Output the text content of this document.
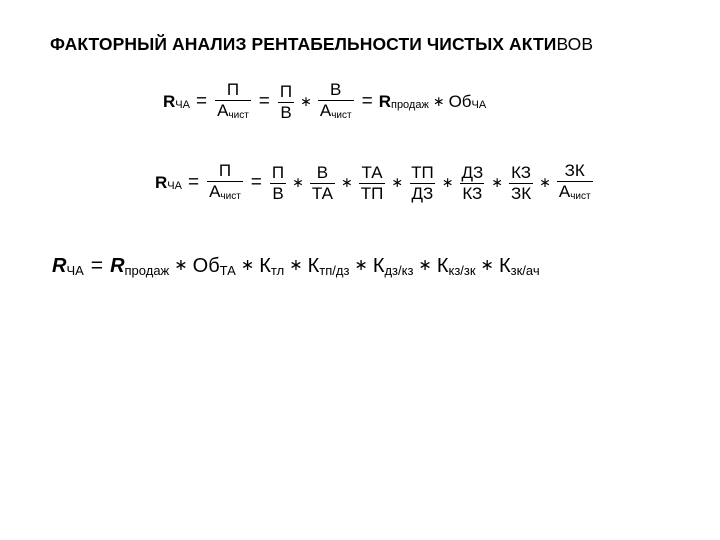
ФАКТОРНЫЙ АНАЛИЗ РЕНТАБЕЛЬНОСТИ ЧИСТЫХ АКТИВОВ
R ЧА = $\frac{П}{\text{Ачист}} = \frac{П}{В}$ ∗ $\frac{В}{\text{Ачист}} = R$ продаж ∗ Об ЧА
R ЧА = $\frac{П}{\text{Ачист}} = \frac{П}{В}$ ∗ $\frac{В}{ТА}$ ∗ $\frac{ТА}{ТП}$ ∗ $\frac{ТП}{ДЗ}$ ∗ $\frac{ДЗ}{КЗ}$ ∗ $\frac{КЗ}{ЗК}$ ∗ $\frac{ЗК}{\text{Ачист}}$
R ЧА = R продаж ∗ Об ТА ∗ К тл ∗ К тп/дз ∗ К дз/кз ∗ К кз/зк ∗ К зк/ач
